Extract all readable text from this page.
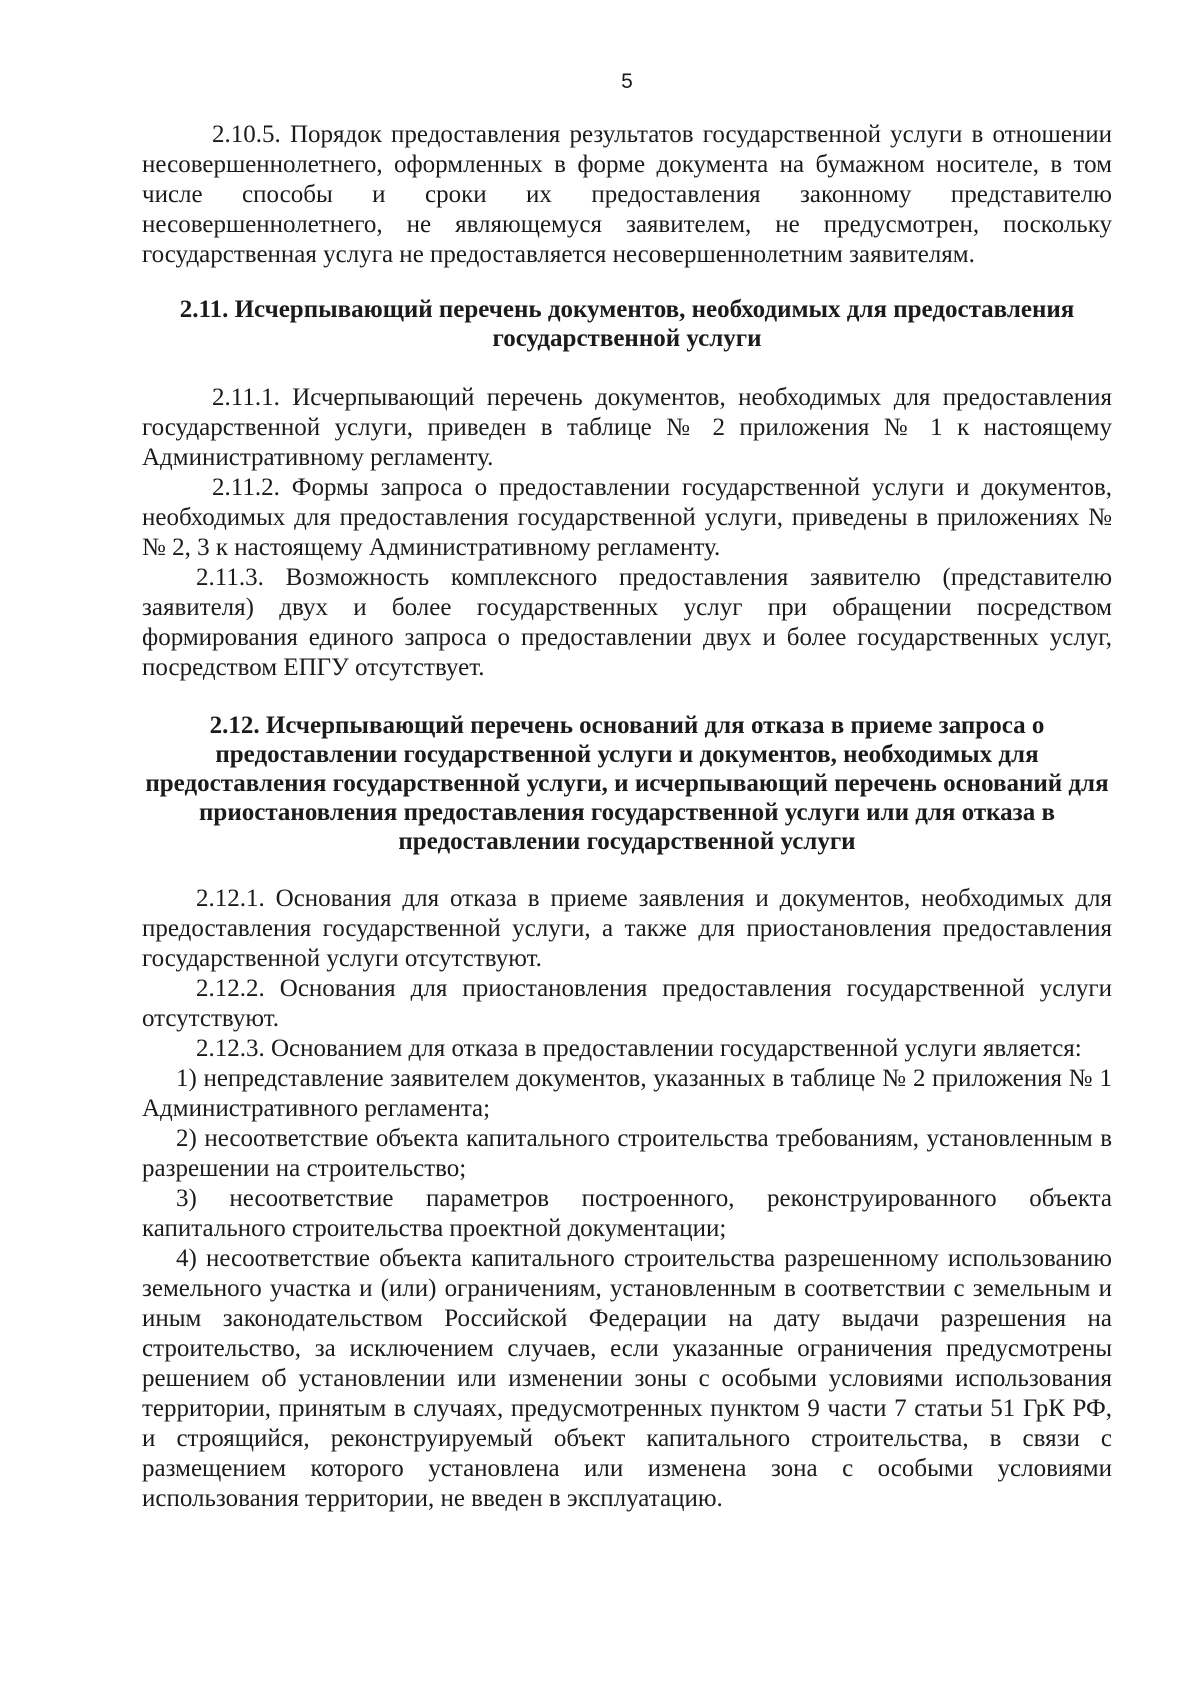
5

2.10.5. Порядок предоставления результатов государственной услуги в отношении несовершеннолетнего, оформленных в форме документа на бумажном носителе, в том числе способы и сроки их предоставления законному представителю несовершеннолетнего, не являющемуся заявителем, не предусмотрен, поскольку государственная услуга не предоставляется несовершеннолетним заявителям.

2.11. Исчерпывающий перечень документов, необходимых для предоставления государственной услуги

2.11.1. Исчерпывающий перечень документов, необходимых для предоставления государственной услуги, приведен в таблице № 2 приложения № 1 к настоящему Административному регламенту.

2.11.2. Формы запроса о предоставлении государственной услуги и документов, необходимых для предоставления государственной услуги, приведены в приложениях №№ 2, 3 к настоящему Административному регламенту.

2.11.3. Возможность комплексного предоставления заявителю (представителю заявителя) двух и более государственных услуг при обращении посредством формирования единого запроса о предоставлении двух и более государственных услуг, посредством ЕПГУ отсутствует.

2.12. Исчерпывающий перечень оснований для отказа в приеме запроса о предоставлении государственной услуги и документов, необходимых для предоставления государственной услуги, и исчерпывающий перечень оснований для приостановления предоставления государственной услуги или для отказа в предоставлении государственной услуги

2.12.1. Основания для отказа в приеме заявления и документов, необходимых для предоставления государственной услуги, а также для приостановления предоставления государственной услуги отсутствуют.

2.12.2. Основания для приостановления предоставления государственной услуги отсутствуют.

2.12.3. Основанием для отказа в предоставлении государственной услуги является:

1) непредставление заявителем документов, указанных в таблице № 2 приложения № 1 Административного регламента;

2) несоответствие объекта капитального строительства требованиям, установленным в разрешении на строительство;

3) несоответствие параметров построенного, реконструированного объекта капитального строительства проектной документации;

4) несоответствие объекта капитального строительства разрешенному использованию земельного участка и (или) ограничениям, установленным в соответствии с земельным и иным законодательством Российской Федерации на дату выдачи разрешения на строительство, за исключением случаев, если указанные ограничения предусмотрены решением об установлении или изменении зоны с особыми условиями использования территории, принятым в случаях, предусмотренных пунктом 9 части 7 статьи 51 ГрК РФ, и строящийся, реконструируемый объект капитального строительства, в связи с размещением которого установлена или изменена зона с особыми условиями использования территории, не введен в эксплуатацию.
